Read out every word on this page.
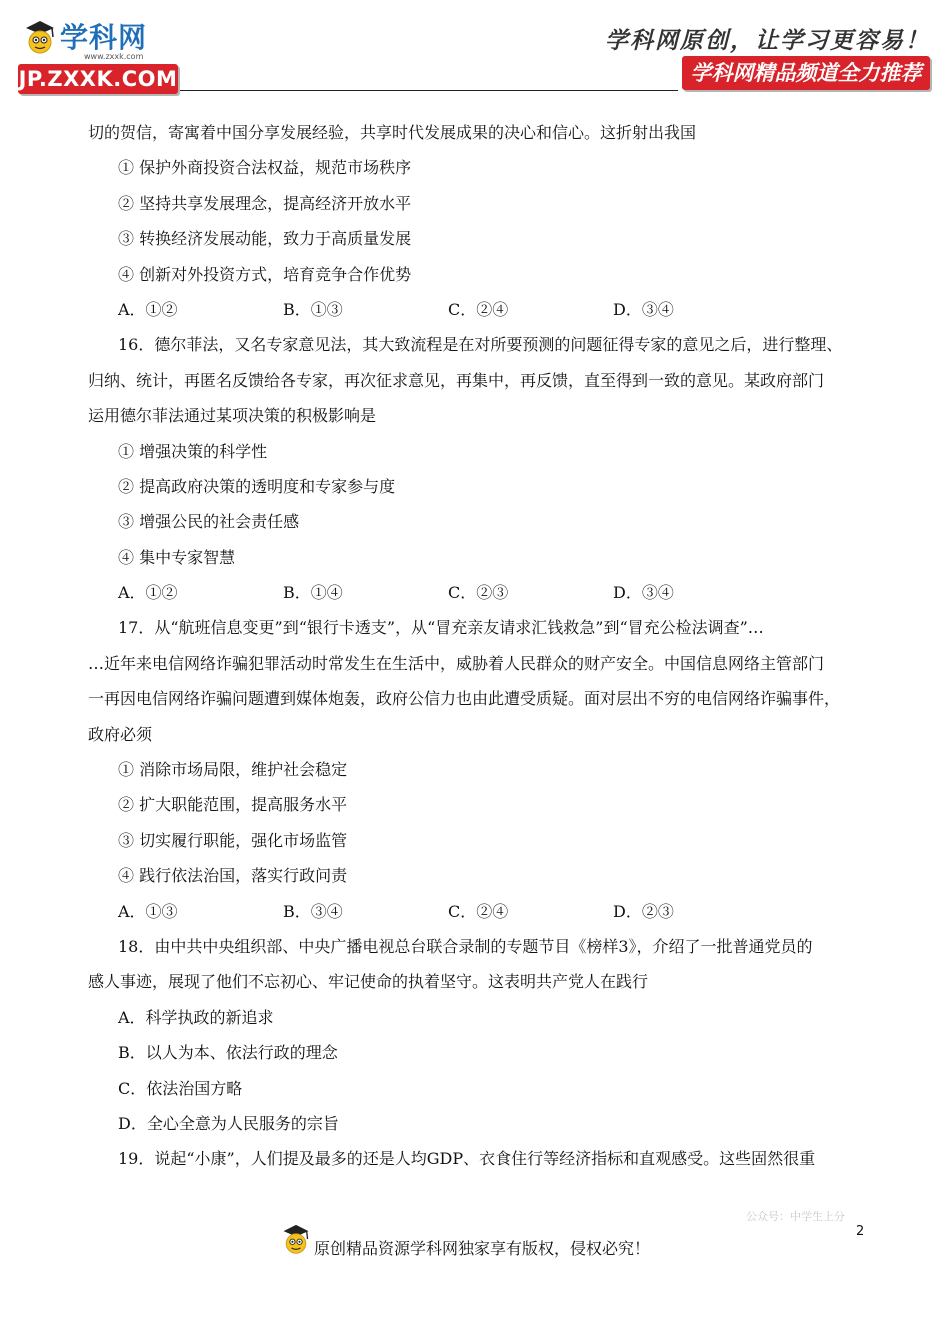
学科网
www.zxxk.com
JP.ZXXK.COM
学科网原创，让学习更容易！
学科网精品频道全力推荐
切的贺信，寄寓着中国分享发展经验，共享时代发展成果的决心和信心。这折射出我国
① 保护外商投资合法权益，规范市场秩序
② 坚持共享发展理念，提高经济开放水平
③ 转换经济发展动能，致力于高质量发展
④ 创新对外投资方式，培育竞争合作优势
A．①②	B．①③	C．②④	D．③④
16．德尔菲法，又名专家意见法，其大致流程是在对所要预测的问题征得专家的意见之后，进行整理、
归纳、统计，再匿名反馈给各专家，再次征求意见，再集中，再反馈，直至得到一致的意见。某政府部门
运用德尔菲法通过某项决策的积极影响是
① 增强决策的科学性
② 提高政府决策的透明度和专家参与度
③ 增强公民的社会责任感
④ 集中专家智慧
A．①②	B．①④	C．②③	D．③④
17．从“航班信息变更”到“银行卡透支”，从“冒充亲友请求汇钱救急”到“冒充公检法调查”…
…近年来电信网络诈骗犯罪活动时常发生在生活中，威胁着人民群众的财产安全。中国信息网络主管部门
一再因电信网络诈骗问题遭到媒体炮轰，政府公信力也由此遭受质疑。面对层出不穷的电信网络诈骗事件，
政府必须
① 消除市场局限，维护社会稳定
② 扩大职能范围，提高服务水平
③ 切实履行职能，强化市场监管
④ 践行依法治国，落实行政问责
A．①③	B．③④	C．②④	D．②③
18．由中共中央组织部、中央广播电视总台联合录制的专题节目《榜样3》，介绍了一批普通党员的
感人事迹，展现了他们不忘初心、牢记使命的执着坚守。这表明共产党人在践行
A．科学执政的新追求
B．以人为本、依法行政的理念
C．依法治国方略
D．全心全意为人民服务的宗旨
19．说起“小康”，人们提及最多的还是人均GDP、衣食住行等经济指标和直观感受。这些固然很重
公众号：中学生上分
2
原创精品资源学科网独家享有版权，侵权必究！
